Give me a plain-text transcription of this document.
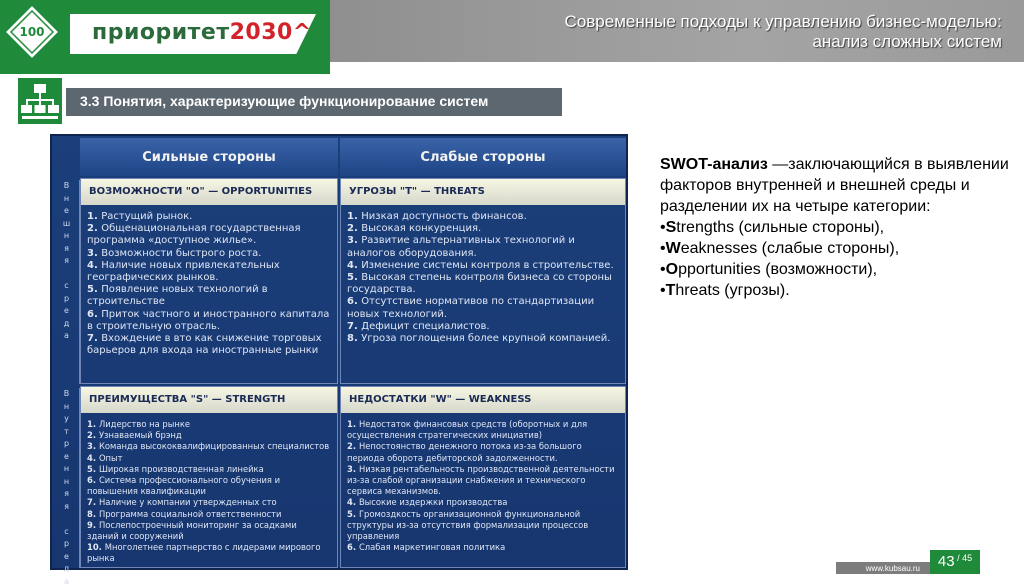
100 приоритет2030^	Современные подходы к управлению бизнес-моделью:
анализ сложных систем
3.3 Понятия, характеризующие функционирование систем
Сильные стороны	Слабые стороны
В
н
е
ш
н
я
я

с
р
е
д
а
В
н
у
т
р
е
н
н
я
я

с
р
е
д
а
ВОЗМОЖНОСТИ "О" — OPPORTUNITIES
1. Растущий рынок.
2. Общенациональная государственная программа «доступное жилье».
3. Возможности быстрого роста.
4. Наличие новых привлекательных географических рынков.
5. Появление новых технологий в строительстве
6. Приток частного и иностранного капитала в строительную отрасль.
7. Вхождение в вто как снижение торговых барьеров для входа на иностранные рынки
УГРОЗЫ "Т" — THREATS
1. Низкая доступность финансов.
2. Высокая конкуренция.
3. Развитие альтернативных технологий и аналогов оборудования.
4. Изменение системы контроля в строительстве.
5. Высокая степень контроля бизнеса со стороны государства.
6. Отсутствие нормативов по стандартизации новых технологий.
7. Дефицит специалистов.
8. Угроза поглощения более крупной компанией.
ПРЕИМУЩЕСТВА "S" — STRENGTH
1. Лидерство на рынке
2. Узнаваемый брэнд
3. Команда высококвалифицированных специалистов
4. Опыт
5. Широкая производственная линейка
6. Система профессионального обучения и повышения квалификации
7. Наличие у компании утвержденных сто
8. Программа социальной ответственности
9. Послепостроечный мониторинг за осадками зданий и сооружений
10. Многолетнее партнерство с лидерами мирового рынка
НЕДОСТАТКИ "W" — WEAKNESS
1. Недостаток финансовых средств (оборотных и для осуществления стратегических инициатив)
2. Непостоянство денежного потока из-за большого периода оборота дебиторской задолженности.
3. Низкая рентабельность производственной деятельности из-за слабой организации снабжения и технического сервиса механизмов.
4. Высокие издержки производства
5. Громоздкость организационной функциональной структуры из-за отсутствия формализации процессов управления
6. Слабая маркетинговая политика
SWOT-анализ —заключающийся в выявлении факторов внутренней и внешней среды и разделении их на четыре категории:
•Strengths (сильные стороны),
•Weaknesses (слабые стороны),
•Opportunities (возможности),
•Threats (угрозы).
www.kubsau.ru	43 / $^{45}$
